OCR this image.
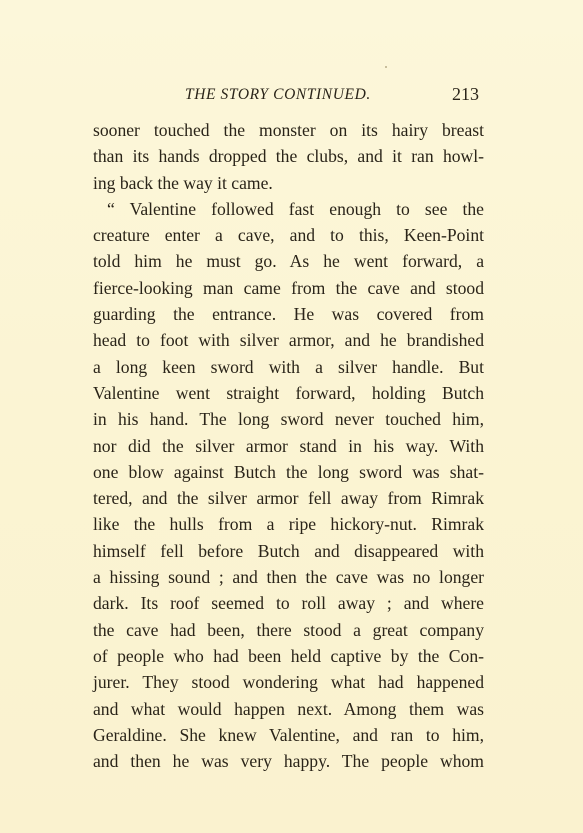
THE STORY CONTINUED.	213
sooner touched the monster on its hairy breast
than its hands dropped the clubs, and it ran howl-
ing back the way it came.
“ Valentine followed fast enough to see the
creature enter a cave, and to this, Keen-Point
told him he must go. As he went forward, a
fierce-looking man came from the cave and stood
guarding the entrance. He was covered from
head to foot with silver armor, and he brandished
a long keen sword with a silver handle. But
Valentine went straight forward, holding Butch
in his hand. The long sword never touched him,
nor did the silver armor stand in his way. With
one blow against Butch the long sword was shat-
tered, and the silver armor fell away from Rimrak
like the hulls from a ripe hickory-nut. Rimrak
himself fell before Butch and disappeared with
a hissing sound ; and then the cave was no longer
dark. Its roof seemed to roll away ; and where
the cave had been, there stood a great company
of people who had been held captive by the Con-
jurer. They stood wondering what had happened
and what would happen next. Among them was
Geraldine. She knew Valentine, and ran to him,
and then he was very happy. The people whom
